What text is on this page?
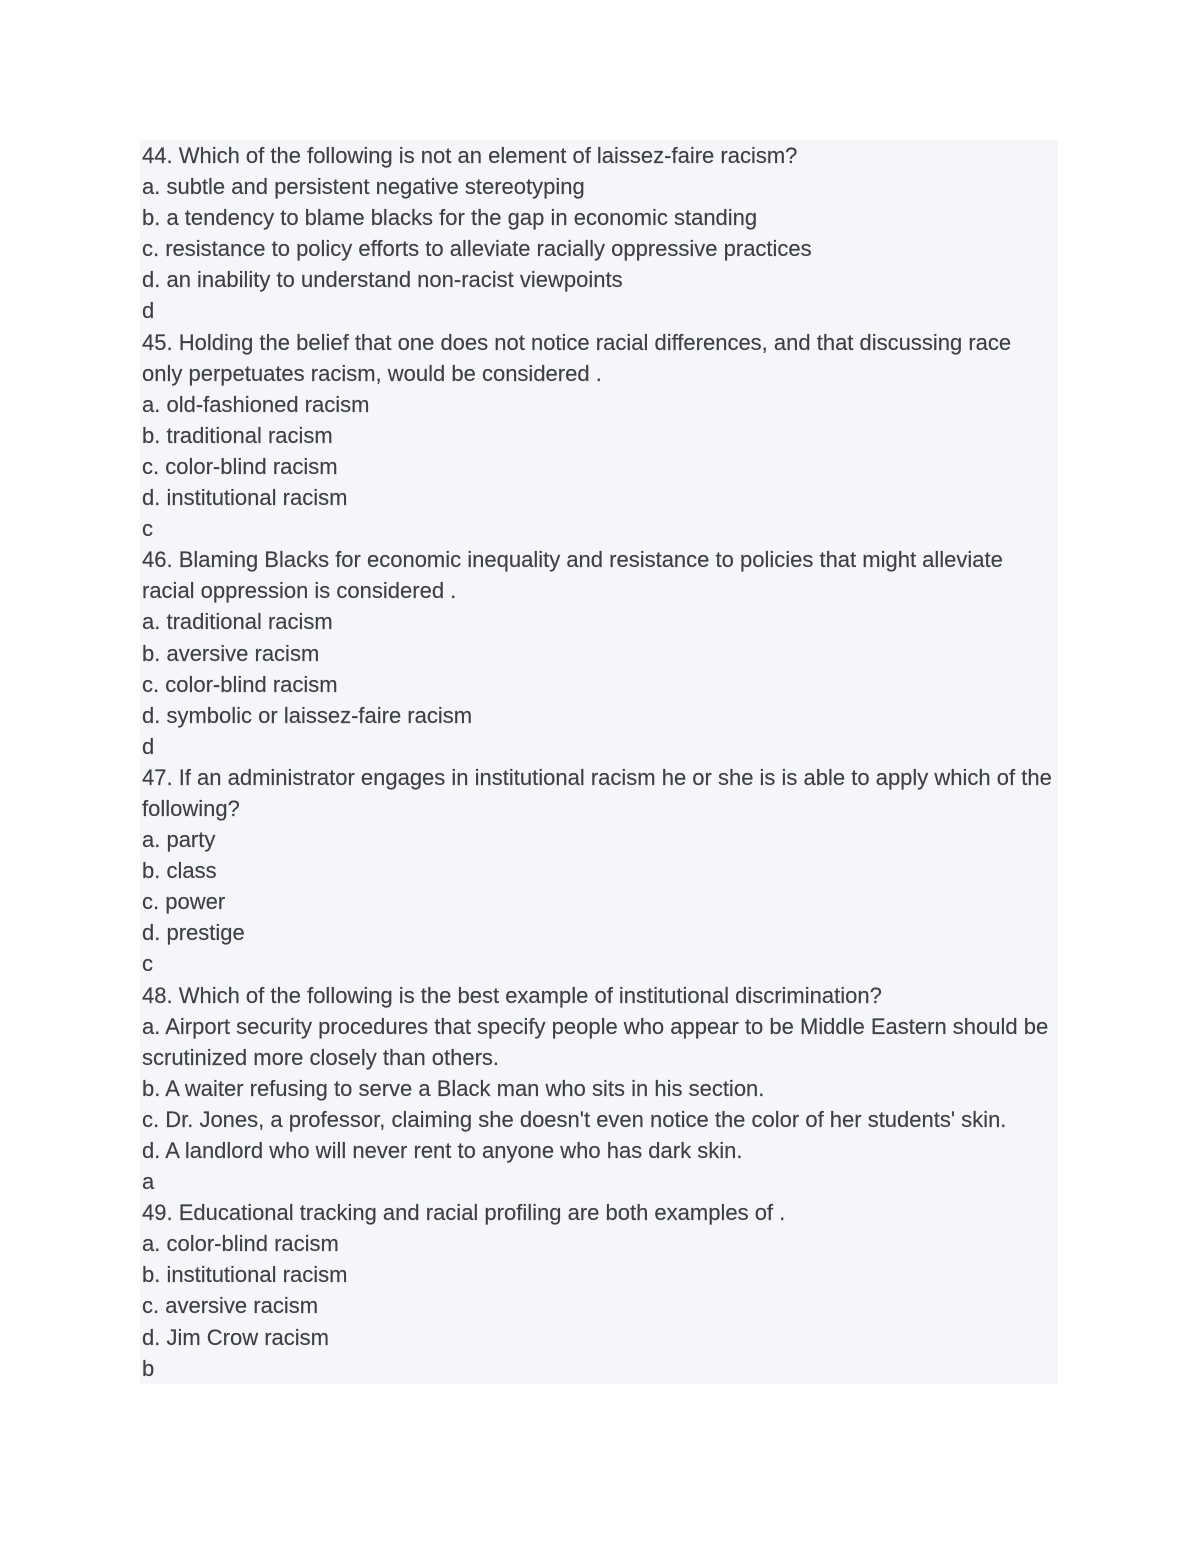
44. Which of the following is not an element of laissez-faire racism?
a. subtle and persistent negative stereotyping
b. a tendency to blame blacks for the gap in economic standing
c. resistance to policy efforts to alleviate racially oppressive practices
d. an inability to understand non-racist viewpoints
d
45. Holding the belief that one does not notice racial differences, and that discussing race only perpetuates racism, would be considered .
a. old-fashioned racism
b. traditional racism
c. color-blind racism
d. institutional racism
c
46. Blaming Blacks for economic inequality and resistance to policies that might alleviate racial oppression is considered .
a. traditional racism
b. aversive racism
c. color-blind racism
d. symbolic or laissez-faire racism
d
47. If an administrator engages in institutional racism he or she is is able to apply which of the following?
a. party
b. class
c. power
d. prestige
c
48. Which of the following is the best example of institutional discrimination?
a. Airport security procedures that specify people who appear to be Middle Eastern should be scrutinized more closely than others.
b. A waiter refusing to serve a Black man who sits in his section.
c. Dr. Jones, a professor, claiming she doesn't even notice the color of her students' skin.
d. A landlord who will never rent to anyone who has dark skin.
a
49. Educational tracking and racial profiling are both examples of .
a. color-blind racism
b. institutional racism
c. aversive racism
d. Jim Crow racism
b
